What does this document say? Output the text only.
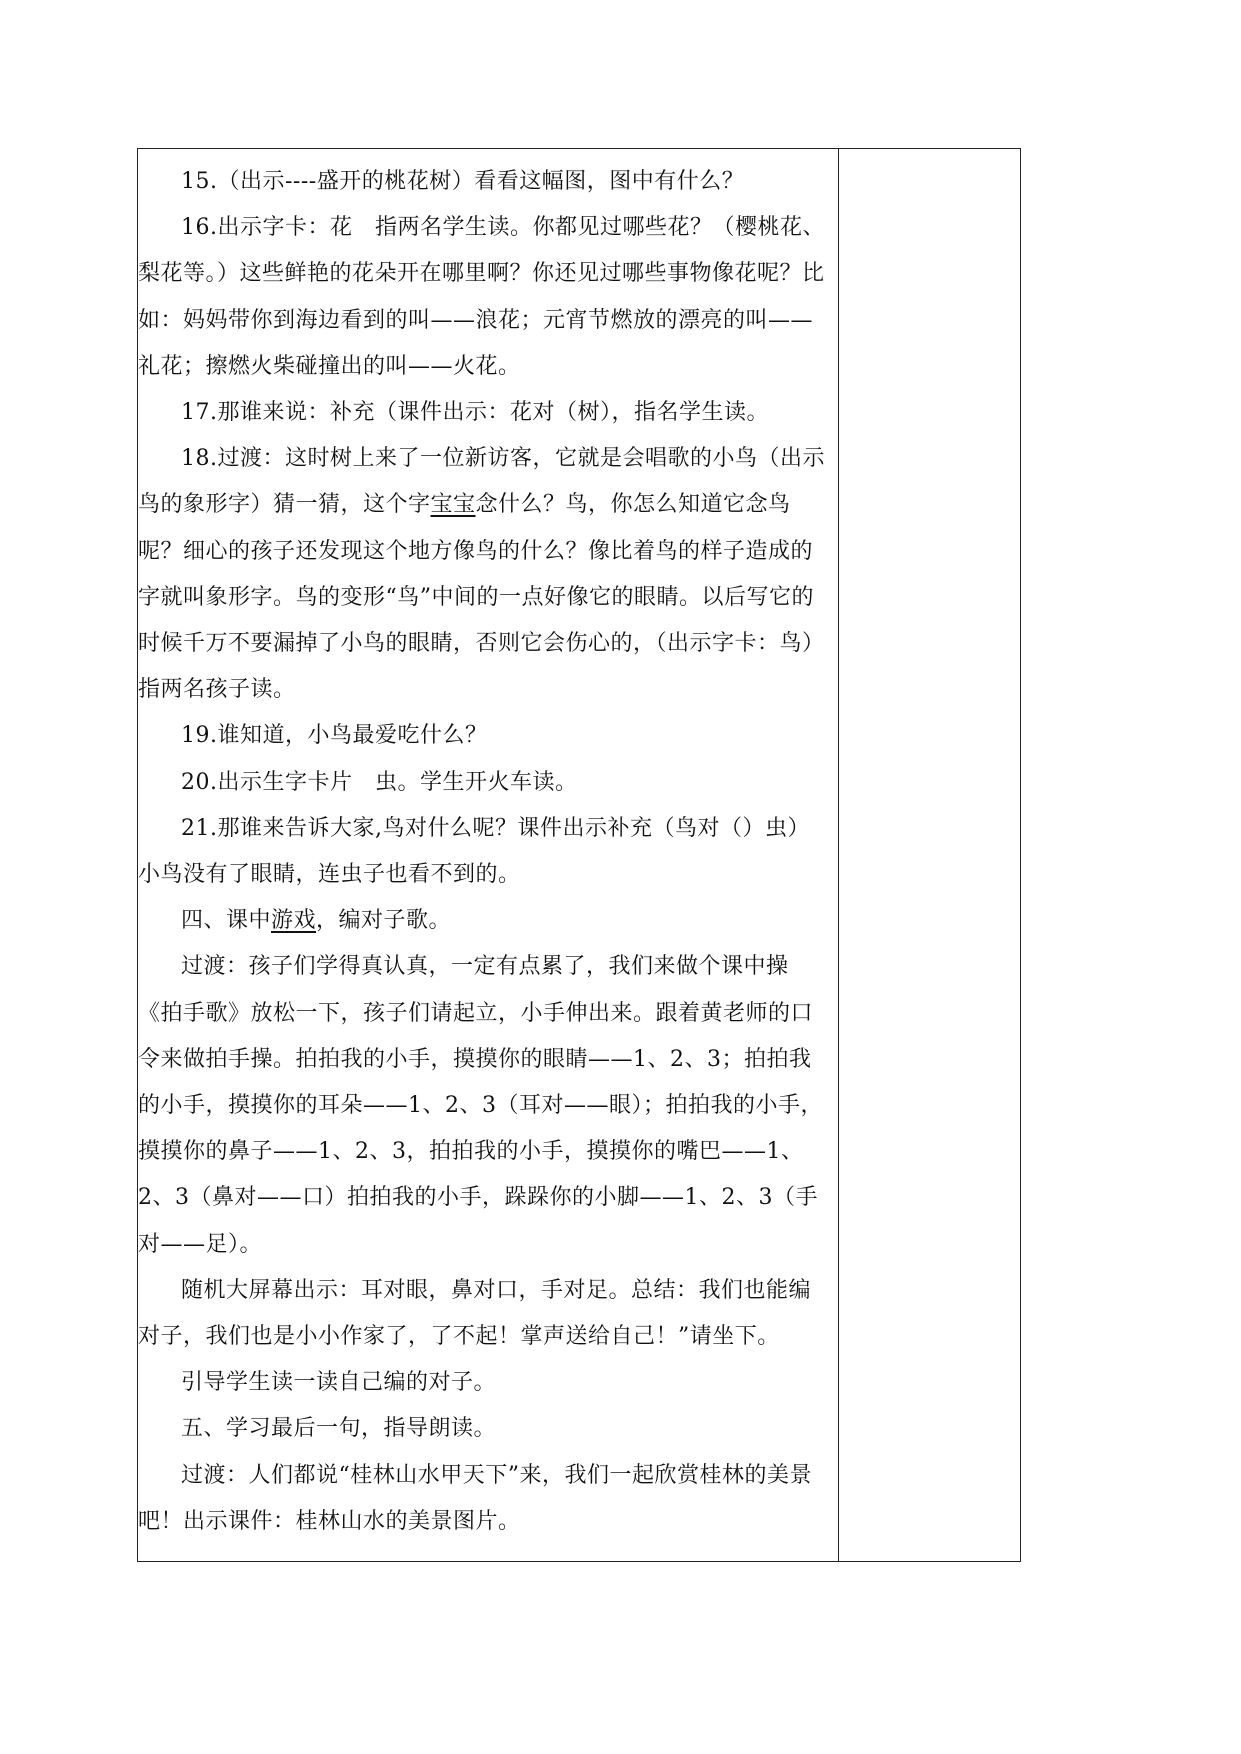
15.（出示----盛开的桃花树）看看这幅图，图中有什么？

16.出示字卡：花　指两名学生读。你都见过哪些花？（樱桃花、梨花等。）这些鲜艳的花朵开在哪里啊？你还见过哪些事物像花呢？比如：妈妈带你到海边看到的叫——浪花；元宵节燃放的漂亮的叫——礼花；擦燃火柴碰撞出的叫——火花。

17.那谁来说：补充（课件出示：花对（树），指名学生读。

18.过渡：这时树上来了一位新访客，它就是会唱歌的小鸟（出示鸟的象形字）猜一猜，这个字宝宝念什么？鸟，你怎么知道它念鸟呢？细心的孩子还发现这个地方像鸟的什么？像比着鸟的样子造成的字就叫象形字。鸟的变形“鸟”中间的一点好像它的眼睛。以后写它的时候千万不要漏掉了小鸟的眼睛，否则它会伤心的，（出示字卡：鸟）指两名孩子读。

19.谁知道，小鸟最爱吃什么？

20.出示生字卡片　虫。学生开火车读。

21.那谁来告诉大家,鸟对什么呢？课件出示补充（鸟对（）虫）小鸟没有了眼睛，连虫子也看不到的。

四、课中游戏，编对子歌。

过渡：孩子们学得真认真，一定有点累了，我们来做个课中操《拍手歌》放松一下，孩子们请起立，小手伸出来。跟着黄老师的口令来做拍手操。拍拍我的小手，摸摸你的眼睛——1、2、3；拍拍我的小手，摸摸你的耳朵——1、2、3（耳对——眼）；拍拍我的小手，摸摸你的鼻子——1、2、3，拍拍我的小手，摸摸你的嘴巴——1、2、3（鼻对——口）拍拍我的小手，跺跺你的小脚——1、2、3（手对——足）。

随机大屏幕出示：耳对眼，鼻对口，手对足。总结：我们也能编对子，我们也是小小作家了，了不起！掌声送给自己！”请坐下。

引导学生读一读自己编的对子。

五、学习最后一句，指导朗读。

过渡：人们都说“桂林山水甲天下”来，我们一起欣赏桂林的美景吧！出示课件：桂林山水的美景图片。
